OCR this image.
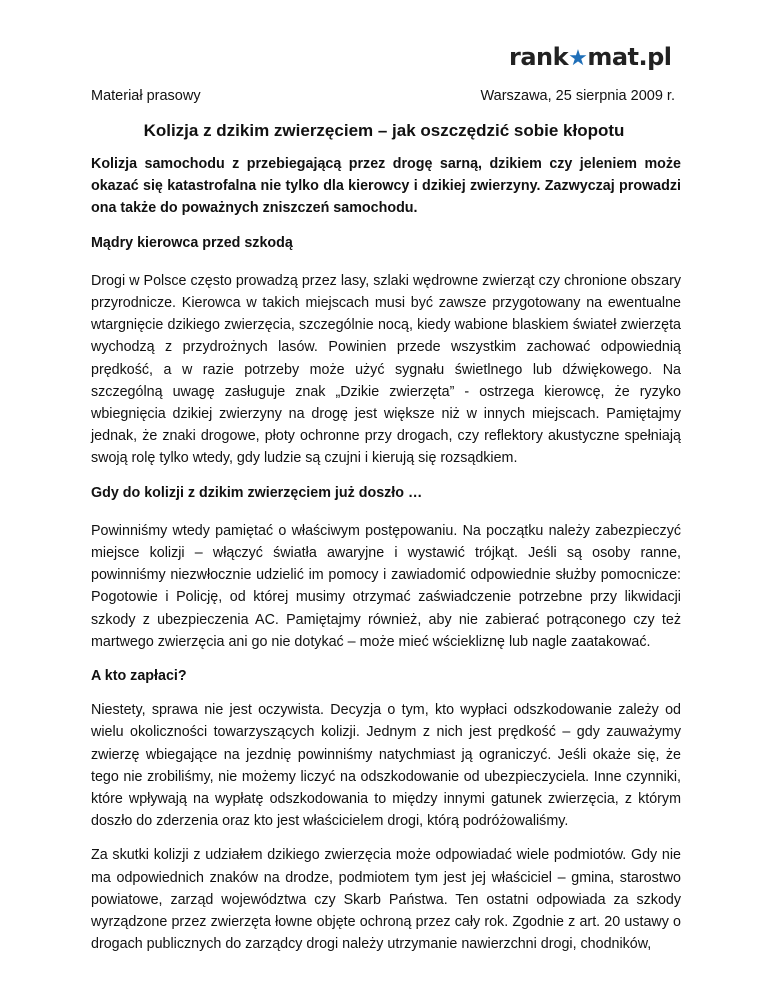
rank★mat.pl
Materiał prasowy	Warszawa, 25 sierpnia 2009 r.
Kolizja z dzikim zwierzęciem – jak oszczędzić sobie kłopotu

Kolizja samochodu z przebiegającą przez drogę sarną, dzikiem czy jeleniem może okazać się katastrofalna nie tylko dla kierowcy i dzikiej zwierzyny. Zazwyczaj prowadzi ona także do poważnych zniszczeń samochodu.

Mądry kierowca przed szkodą

Drogi w Polsce często prowadzą przez lasy, szlaki wędrowne zwierząt czy chronione obszary przyrodnicze. Kierowca w takich miejscach musi być zawsze przygotowany na ewentualne wtargnięcie dzikiego zwierzęcia, szczególnie nocą, kiedy wabione blaskiem świateł zwierzęta wychodzą z przydrożnych lasów. Powinien przede wszystkim zachować odpowiednią prędkość, a w razie potrzeby może użyć sygnału świetlnego lub dźwiękowego. Na szczególną uwagę zasługuje znak „Dzikie zwierzęta” - ostrzega kierowcę, że ryzyko wbiegnięcia dzikiej zwierzyny na drogę jest większe niż w innych miejscach. Pamiętajmy jednak, że znaki drogowe, płoty ochronne przy drogach, czy reflektory akustyczne spełniają swoją rolę tylko wtedy, gdy ludzie są czujni i kierują się rozsądkiem.

Gdy do kolizji z dzikim zwierzęciem już doszło …

Powinniśmy wtedy pamiętać o właściwym postępowaniu. Na początku należy zabezpieczyć miejsce kolizji – włączyć światła awaryjne i wystawić trójkąt. Jeśli są osoby ranne, powinniśmy niezwłocznie udzielić im pomocy i zawiadomić odpowiednie służby pomocnicze: Pogotowie i Policję, od której musimy otrzymać zaświadczenie potrzebne przy likwidacji szkody z ubezpieczenia AC. Pamiętajmy również, aby nie zabierać potrąconego czy też martwego zwierzęcia ani go nie dotykać – może mieć wściekliznę lub nagle zaatakować.

A kto zapłaci?

Niestety, sprawa nie jest oczywista. Decyzja o tym, kto wypłaci odszkodowanie zależy od wielu okoliczności towarzyszących kolizji. Jednym z nich jest prędkość – gdy zauważymy zwierzę wbiegające na jezdnię powinniśmy natychmiast ją ograniczyć. Jeśli okaże się, że tego nie zrobiliśmy, nie możemy liczyć na odszkodowanie od ubezpieczyciela. Inne czynniki, które wpływają na wypłatę odszkodowania to między innymi gatunek zwierzęcia, z którym doszło do zderzenia oraz kto jest właścicielem drogi, którą podróżowaliśmy.

Za skutki kolizji z udziałem dzikiego zwierzęcia może odpowiadać wiele podmiotów. Gdy nie ma odpowiednich znaków na drodze, podmiotem tym jest jej właściciel – gmina, starostwo powiatowe, zarząd województwa czy Skarb Państwa. Ten ostatni odpowiada za szkody wyrządzone przez zwierzęta łowne objęte ochroną przez cały rok. Zgodnie z art. 20 ustawy o drogach publicznych do zarządcy drogi należy utrzymanie nawierzchni drogi, chodników,
